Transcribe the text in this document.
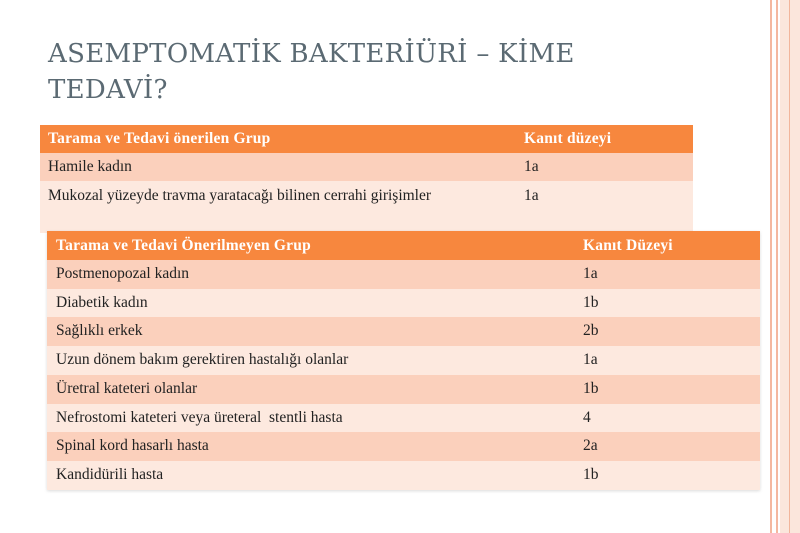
ASEMPTOMATİK BAKTERİÜRİ – KİME
TEDAVİ?
Tarama ve Tedavi önerilen Grup	Kanıt düzeyi
Hamile kadın	1a
Mukozal yüzeyde travma yaratacağı bilinen cerrahi girişimler	1a
Tarama ve Tedavi Önerilmeyen Grup	Kanıt Düzeyi
Postmenopozal kadın	1a
Diabetik kadın	1b
Sağlıklı erkek	2b
Uzun dönem bakım gerektiren hastalığı olanlar	1a
Üretral kateteri olanlar	1b
Nefrostomi kateteri veya üreteral  stentli hasta	4
Spinal kord hasarlı hasta	2a
Kandidürili hasta	1b
